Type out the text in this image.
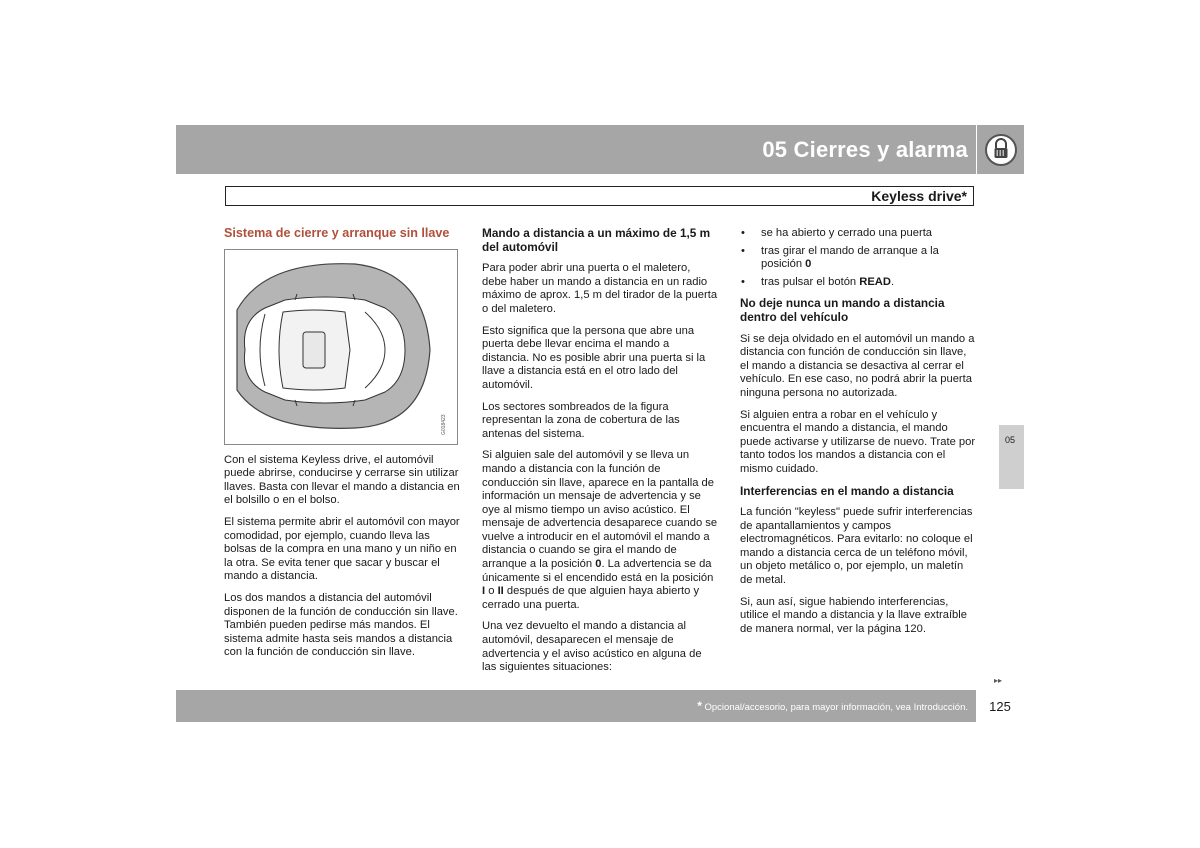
05 Cierres y alarma
Keyless drive*

Sistema de cierre y arranque sin llave

G018423

Con el sistema Keyless drive, el automóvil puede abrirse, conducirse y cerrarse sin utilizar llaves. Basta con llevar el mando a distancia en el bolsillo o en el bolso.

El sistema permite abrir el automóvil con mayor comodidad, por ejemplo, cuando lleva las bolsas de la compra en una mano y un niño en la otra. Se evita tener que sacar y buscar el mando a distancia.

Los dos mandos a distancia del automóvil disponen de la función de conducción sin llave. También pueden pedirse más mandos. El sistema admite hasta seis mandos a distancia con la función de conducción sin llave.

Mando a distancia a un máximo de 1,5 m del automóvil

Para poder abrir una puerta o el maletero, debe haber un mando a distancia en un radio máximo de aprox. 1,5 m del tirador de la puerta o del maletero.

Esto significa que la persona que abre una puerta debe llevar encima el mando a distancia. No es posible abrir una puerta si la llave a distancia está en el otro lado del automóvil.

Los sectores sombreados de la figura representan la zona de cobertura de las antenas del sistema.

Si alguien sale del automóvil y se lleva un mando a distancia con la función de conducción sin llave, aparece en la pantalla de información un mensaje de advertencia y se oye al mismo tiempo un aviso acústico. El mensaje de advertencia desaparece cuando se vuelve a introducir en el automóvil el mando a distancia o cuando se gira el mando de arranque a la posición 0. La advertencia se da únicamente si el encendido está en la posición I o II después de que alguien haya abierto y cerrado una puerta.

Una vez devuelto el mando a distancia al automóvil, desaparecen el mensaje de advertencia y el aviso acústico en alguna de las siguientes situaciones:

• se ha abierto y cerrado una puerta
• tras girar el mando de arranque a la posición 0
• tras pulsar el botón READ.

No deje nunca un mando a distancia dentro del vehículo

Si se deja olvidado en el automóvil un mando a distancia con función de conducción sin llave, el mando a distancia se desactiva al cerrar el vehículo. En ese caso, no podrá abrir la puerta ninguna persona no autorizada.

Si alguien entra a robar en el vehículo y encuentra el mando a distancia, el mando puede activarse y utilizarse de nuevo. Trate por tanto todos los mandos a distancia con el mismo cuidado.

Interferencias en el mando a distancia

La función "keyless" puede sufrir interferencias de apantallamientos y campos electromagnéticos. Para evitarlo: no coloque el mando a distancia cerca de un teléfono móvil, un objeto metálico o, por ejemplo, un maletín de metal.

Si, aun así, sigue habiendo interferencias, utilice el mando a distancia y la llave extraíble de manera normal, ver la página 120.

05
▸▸
* Opcional/accesorio, para mayor información, vea Introducción.	125
